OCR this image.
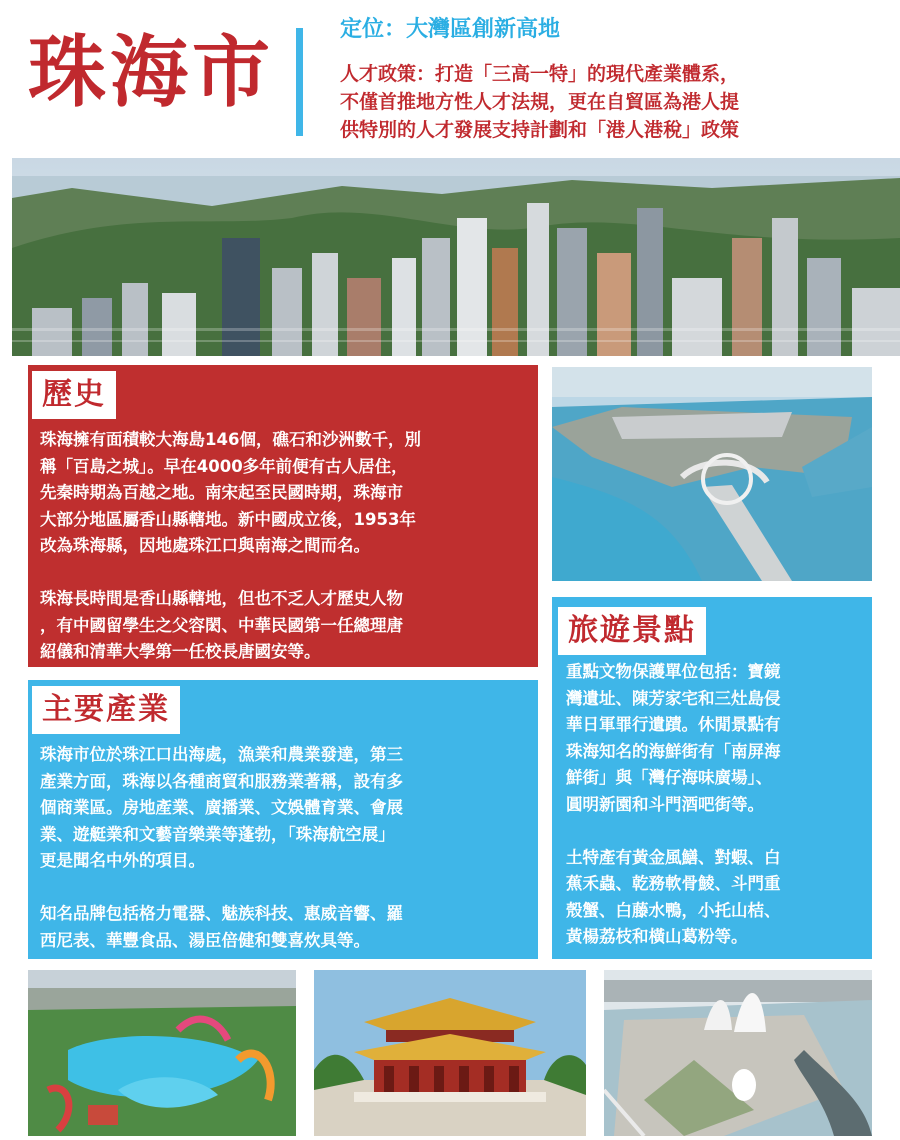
珠海市	定位：大灣區創新高地
人才政策：打造「三高一特」的現代產業體系，
不僅首推地方性人才法規，更在自貿區為港人提
供特別的人才發展支持計劃和「港人港稅」政策
歷史
珠海擁有面積較大海島146個，礁石和沙洲數千，別
稱「百島之城」。早在4000多年前便有古人居住，
先秦時期為百越之地。南宋起至民國時期，珠海市
大部分地區屬香山縣轄地。新中國成立後，1953年
改為珠海縣，因地處珠江口與南海之間而名。

珠海長時間是香山縣轄地，但也不乏人才歷史人物
，有中國留學生之父容閎、中華民國第一任總理唐
紹儀和清華大學第一任校長唐國安等。
旅遊景點
重點文物保護單位包括：寶鏡
灣遺址、陳芳家宅和三灶島侵
華日軍罪行遺蹟。休閒景點有
珠海知名的海鮮街有「南屏海
鮮街」與「灣仔海味廣場」、
圓明新園和斗門酒吧街等。

土特產有黃金風鱔、對蝦、白
蕉禾蟲、乾務軟骨鯪、斗門重
殼蟹、白藤水鴨，小托山桔、
黃楊荔枝和橫山葛粉等。
主要產業
珠海市位於珠江口出海處，漁業和農業發達，第三
產業方面，珠海以各種商貿和服務業著稱，設有多
個商業區。房地產業、廣播業、文娛體育業、會展
業、遊艇業和文藝音樂業等蓬勃，「珠海航空展」
更是聞名中外的項目。

知名品牌包括格力電器、魅族科技、惠威音響、羅
西尼表、華豐食品、湯臣倍健和雙喜炊具等。
